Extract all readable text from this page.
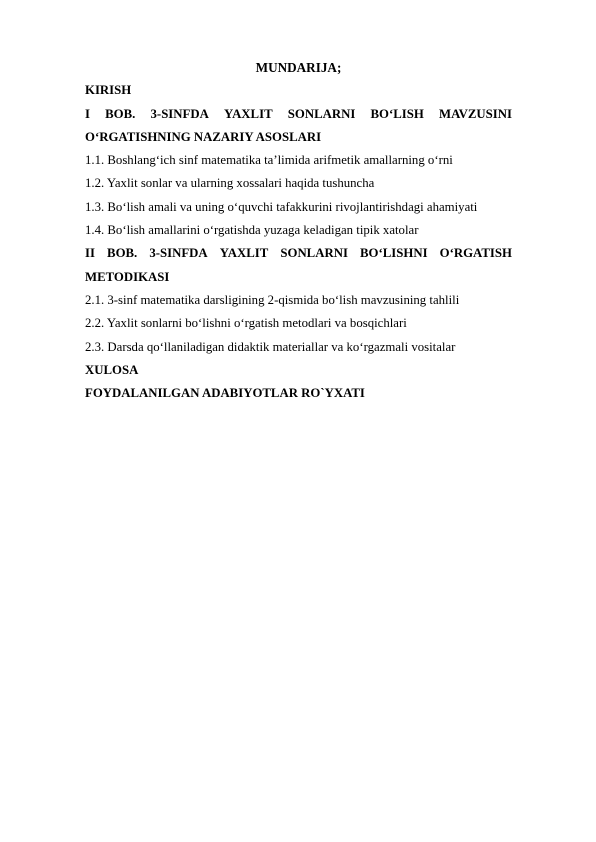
MUNDARIJA;
KIRISH
I BOB. 3-SINFDA YAXLIT SONLARNI BO‘LISH MAVZUSINI
O‘RGATISHNING NAZARIY ASOSLARI
1.1. Boshlang‘ich sinf matematika ta’limida arifmetik amallarning o‘rni
1.2. Yaxlit sonlar va ularning xossalari haqida tushuncha
1.3. Bo‘lish amali va uning o‘quvchi tafakkurini rivojlantirishdagi ahamiyati
1.4. Bo‘lish amallarini o‘rgatishda yuzaga keladigan tipik xatolar
II BOB. 3-SINFDA YAXLIT SONLARNI BO‘LISHNI O‘RGATISH
METODIKASI
2.1. 3-sinf matematika darsligining 2-qismida bo‘lish mavzusining tahlili
2.2. Yaxlit sonlarni bo‘lishni o‘rgatish metodlari va bosqichlari
2.3. Darsda qo‘llaniladigan didaktik materiallar va ko‘rgazmali vositalar
XULOSA
FOYDALANILGAN ADABIYOTLAR RO`YXATI
